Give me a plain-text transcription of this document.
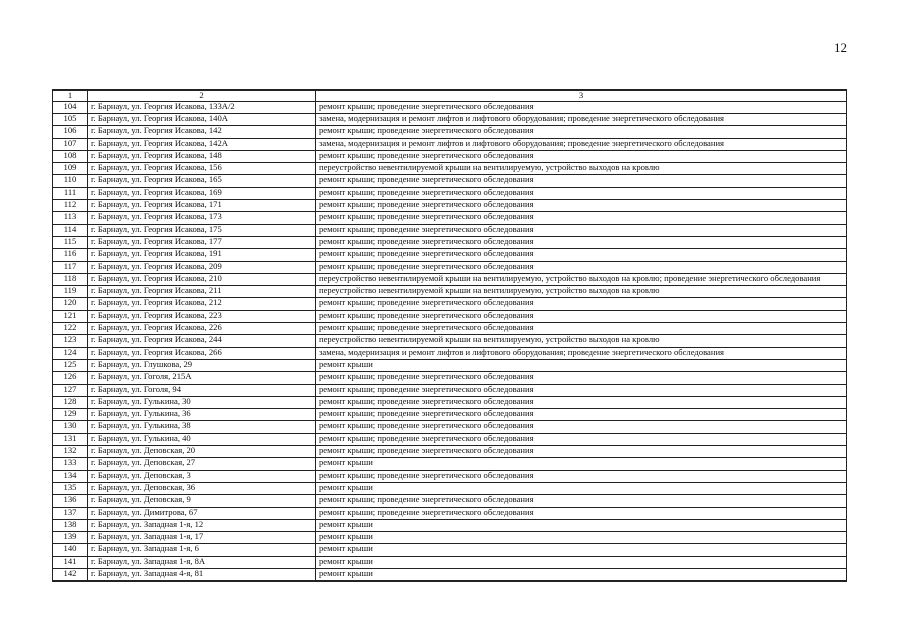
12
1	2	3
104	г. Барнаул, ул. Георгия Исакова, 133А/2	ремонт крыши; проведение энергетического обследования
105	г. Барнаул, ул. Георгия Исакова, 140А	замена, модернизация и ремонт лифтов и лифтового оборудования; проведение энергетического обследования
106	г. Барнаул, ул. Георгия Исакова, 142	ремонт крыши; проведение энергетического обследования
107	г. Барнаул, ул. Георгия Исакова, 142А	замена, модернизация и ремонт лифтов и лифтового оборудования; проведение энергетического обследования
108	г. Барнаул, ул. Георгия Исакова, 148	ремонт крыши; проведение энергетического обследования
109	г. Барнаул, ул. Георгия Исакова, 156	переустройство невентилируемой крыши на вентилируемую, устройство выходов на кровлю
110	г. Барнаул, ул. Георгия Исакова, 165	ремонт крыши; проведение энергетического обследования
111	г. Барнаул, ул. Георгия Исакова, 169	ремонт крыши; проведение энергетического обследования
112	г. Барнаул, ул. Георгия Исакова, 171	ремонт крыши; проведение энергетического обследования
113	г. Барнаул, ул. Георгия Исакова, 173	ремонт крыши; проведение энергетического обследования
114	г. Барнаул, ул. Георгия Исакова, 175	ремонт крыши; проведение энергетического обследования
115	г. Барнаул, ул. Георгия Исакова, 177	ремонт крыши; проведение энергетического обследования
116	г. Барнаул, ул. Георгия Исакова, 191	ремонт крыши; проведение энергетического обследования
117	г. Барнаул, ул. Георгия Исакова, 209	ремонт крыши; проведение энергетического обследования
118	г. Барнаул, ул. Георгия Исакова, 210	переустройство невентилируемой крыши на вентилируемую, устройство выходов на кровлю; проведение энергетического обследования
119	г. Барнаул, ул. Георгия Исакова, 211	переустройство невентилируемой крыши на вентилируемую, устройство выходов на кровлю
120	г. Барнаул, ул. Георгия Исакова, 212	ремонт крыши; проведение энергетического обследования
121	г. Барнаул, ул. Георгия Исакова, 223	ремонт крыши; проведение энергетического обследования
122	г. Барнаул, ул. Георгия Исакова, 226	ремонт крыши; проведение энергетического обследования
123	г. Барнаул, ул. Георгия Исакова, 244	переустройство невентилируемой крыши на вентилируемую, устройство выходов на кровлю
124	г. Барнаул, ул. Георгия Исакова, 266	замена, модернизация и ремонт лифтов и лифтового оборудования; проведение энергетического обследования
125	г. Барнаул, ул. Глушкова, 29	ремонт крыши
126	г. Барнаул, ул. Гоголя, 215А	ремонт крыши; проведение энергетического обследования
127	г. Барнаул, ул. Гоголя, 94	ремонт крыши; проведение энергетического обследования
128	г. Барнаул, ул. Гулькина, 30	ремонт крыши; проведение энергетического обследования
129	г. Барнаул, ул. Гулькина, 36	ремонт крыши; проведение энергетического обследования
130	г. Барнаул, ул. Гулькина, 38	ремонт крыши; проведение энергетического обследования
131	г. Барнаул, ул. Гулькина, 40	ремонт крыши; проведение энергетического обследования
132	г. Барнаул, ул. Деповская, 20	ремонт крыши; проведение энергетического обследования
133	г. Барнаул, ул. Деповская, 27	ремонт крыши
134	г. Барнаул, ул. Деповская, 3	ремонт крыши; проведение энергетического обследования
135	г. Барнаул, ул. Деповская, 36	ремонт крыши
136	г. Барнаул, ул. Деповская, 9	ремонт крыши; проведение энергетического обследования
137	г. Барнаул, ул. Димитрова, 67	ремонт крыши; проведение энергетического обследования
138	г. Барнаул, ул. Западная 1-я, 12	ремонт крыши
139	г. Барнаул, ул. Западная 1-я, 17	ремонт крыши
140	г. Барнаул, ул. Западная 1-я, 6	ремонт крыши
141	г. Барнаул, ул. Западная 1-я, 8А	ремонт крыши
142	г. Барнаул, ул. Западная 4-я, 81	ремонт крыши
